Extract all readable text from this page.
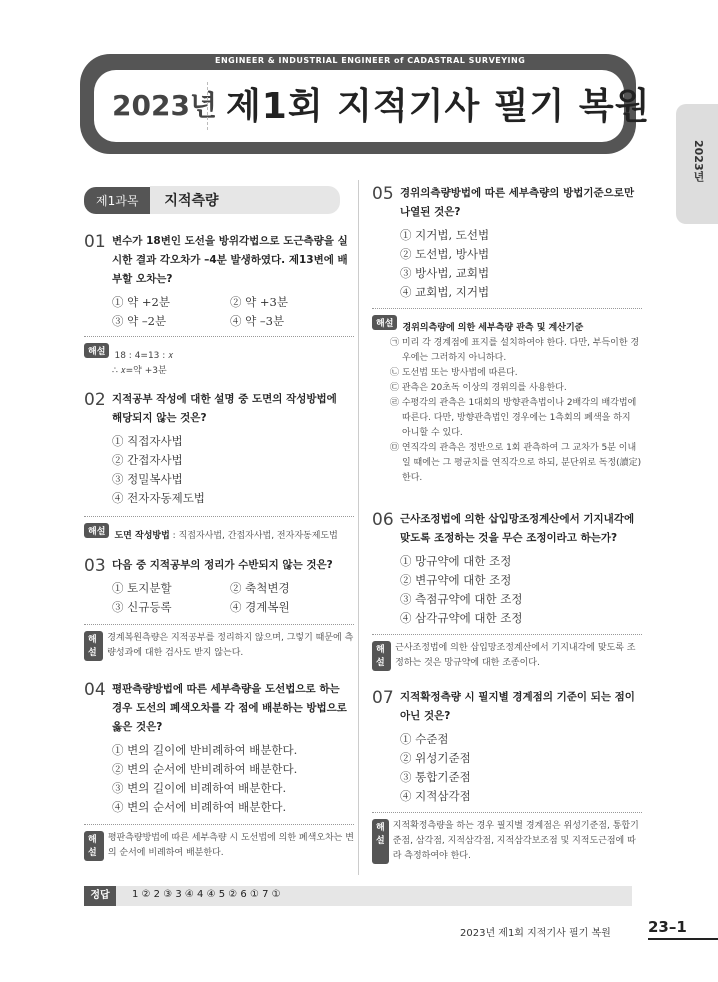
ENGINEER & INDUSTRIAL ENGINEER of CADASTRAL SURVEYING
2023년 제1회 지적기사 필기 복원
2023년
제1과목 지적측량
01 변수가 18변인 도선을 방위각법으로 도근측량을 실시한 결과 각오차가 –4분 발생하였다. 제13변에 배부할 오차는?
① 약 +2분	② 약 +3분
③ 약 –2분	④ 약 –3분
해설 18 : 4=13 : 𝑥
∴ 𝑥=약 +3분
02 지적공부 작성에 대한 설명 중 도면의 작성방법에 해당되지 않는 것은?
① 직접자사법
② 간접자사법
③ 정밀복사법
④ 전자자동제도법
해설 도면 작성방법 : 직접자사법, 간접자사법, 전자자동제도법
03 다음 중 지적공부의 정리가 수반되지 않는 것은?
① 토지분할	② 축척변경
③ 신규등록	④ 경계복원
해설
경계복원측량은 지적공부를 정리하지 않으며, 그렇기 때문에 측량성과에 대한 검사도 받지 않는다.
04 평판측량방법에 따른 세부측량을 도선법으로 하는 경우 도선의 폐색오차를 각 점에 배분하는 방법으로 옳은 것은?
① 변의 길이에 반비례하여 배분한다.
② 변의 순서에 반비례하여 배분한다.
③ 변의 길이에 비례하여 배분한다.
④ 변의 순서에 비례하여 배분한다.
해설
평판측량방법에 따른 세부측량 시 도선법에 의한 폐색오차는 변의 순서에 비례하여 배분한다.
05 경위의측량방법에 따른 세부측량의 방법기준으로만 나열된 것은?
① 지거법, 도선법
② 도선법, 방사법
③ 방사법, 교회법
④ 교회법, 지거법
해설 경위의측량에 의한 세부측량 관측 및 계산기준
㉠ 미리 각 경계점에 표지를 설치하여야 한다. 다만, 부득이한 경우에는 그러하지 아니하다.
㉡ 도선법 또는 방사법에 따른다.
㉢ 관측은 20초독 이상의 경위의를 사용한다.
㉣ 수평각의 관측은 1대회의 방향관측법이나 2배각의 배각법에 따른다. 다만, 방향관측법인 경우에는 1측회의 폐색을 하지 아니할 수 있다.
㉤ 연직각의 관측은 정반으로 1회 관측하여 그 교차가 5분 이내일 때에는 그 평균치를 연직각으로 하되, 분단위로 독정(讀定)한다.
06 근사조정법에 의한 삽입망조정계산에서 기지내각에 맞도록 조정하는 것을 무슨 조정이라고 하는가?
① 망규약에 대한 조정
② 변규약에 대한 조정
③ 측점규약에 대한 조정
④ 삼각규약에 대한 조정
해설
근사조정법에 의한 삽입망조정계산에서 기지내각에 맞도록 조정하는 것은 망규약에 대한 조종이다.
07 지적확정측량 시 필지별 경계점의 기준이 되는 점이 아닌 것은?
① 수준점
② 위성기준점
③ 통합기준점
④ 지적삼각점
해설
지적확정측량을 하는 경우 필지별 경계점은 위성기준점, 통합기준점, 삼각점, 지적삼각점, 지적삼각보조점 및 지적도근점에 따라 측정하여야 한다.
정답	1 ② 2 ③ 3 ④ 4 ④ 5 ② 6 ① 7 ①
2023년 제1회 지적기사 필기 복원 23–1
